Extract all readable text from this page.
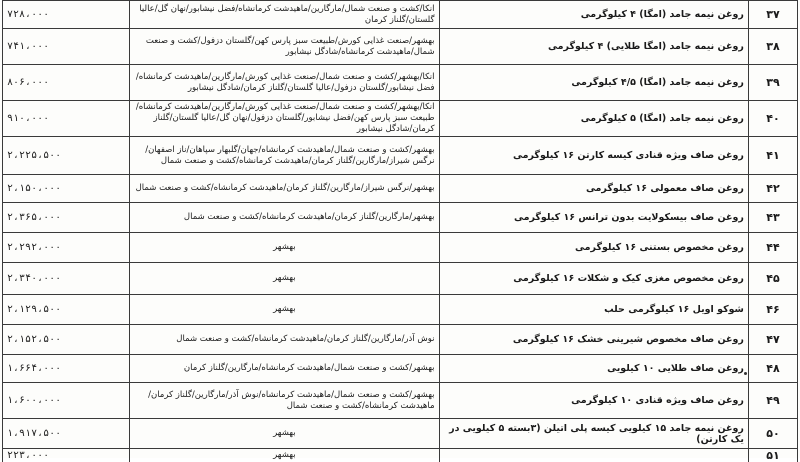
۷۲۸،۰۰۰	انکا/کشت و صنعت شمال/مارگارین/ماهیدشت کرمانشاه/فضل نیشابور/نهان گل/عالیا گلستان/گلناز کرمان	روغن نیمه جامد (امگا) ۴ کیلوگرمی	۳۷
۷۴۱،۰۰۰	بهشهر/صنعت غذایی کورش/طبیعت سبز پارس کهن/گلستان دزفول/کشت و صنعت شمال/ماهیدشت کرمانشاه/شادگل نیشابور	روغن نیمه جامد (امگا طلایی) ۴ کیلوگرمی	۳۸
۸۰۶،۰۰۰	انکا/بهشهر/کشت و صنعت شمال/صنعت غذایی کورش/مارگارین/ماهیدشت کرمانشاه/فضل نیشابور/گلستان دزفول/عالیا گلستان/گلناز کرمان/شادگل نیشابور	روغن نیمه جامد (امگا) ۴/۵ کیلوگرمی	۳۹
۹۱۰،۰۰۰	انکا/بهشهر/کشت و صنعت شمال/صنعت غذایی کورش/مارگارین/ماهیدشت کرمانشاه/طبیعت سبز پارس کهن/فضل نیشابور/گلستان دزفول/نهان گل/عالیا گلستان/گلناز کرمان/شادگل نیشابور	روغن نیمه جامد (امگا) ۵ کیلوگرمی	۴۰
۲،۲۲۵،۵۰۰	بهشهر/کشت و صنعت شمال/ماهیدشت کرمانشاه/جهان/گلبهار سپاهان/ناز اصفهان/نرگس شیراز/مارگارین/گلناز کرمان/ماهیدشت کرمانشاه/کشت و صنعت شمال	روغن صاف ویژه قنادی کیسه کارتن ۱۶ کیلوگرمی	۴۱
۲،۱۵۰،۰۰۰	بهشهر/نرگس شیراز/مارگارین/گلناز کرمان/ماهیدشت کرمانشاه/کشت و صنعت شمال	روغن صاف معمولی ۱۶ کیلوگرمی	۴۲
۲،۳۶۵،۰۰۰	بهشهر/مارگارین/گلناز کرمان/ماهیدشت کرمانشاه/کشت و صنعت شمال	روغن صاف بیسکولایت بدون ترانس ۱۶ کیلوگرمی	۴۳
۲،۲۹۲،۰۰۰	بهشهر	روغن مخصوص بستنی ۱۶ کیلوگرمی	۴۴
۲،۳۴۰،۰۰۰	بهشهر	روغن مخصوص مغزی کیک و شکلات ۱۶ کیلوگرمی	۴۵
۲،۱۲۹،۵۰۰	بهشهر	شوکو اویل ۱۶ کیلوگرمی حلب	۴۶
۲،۱۵۲،۵۰۰	نوش آذر/مارگارین/گلناز کرمان/ماهیدشت کرمانشاه/کشت و صنعت شمال	روغن صاف مخصوص شیرینی خشک ۱۶ کیلوگرمی	۴۷
۱،۶۶۴،۰۰۰	بهشهر/کشت و صنعت شمال/ماهیدشت کرمانشاه/مارگارین/گلناز کرمان	روغن صاف طلایی ۱۰ کیلویی	۴۸
۱،۶۰۰،۰۰۰	بهشهر/کشت و صنعت شمال/ماهیدشت کرمانشاه/نوش آذر/مارگارین/گلناز کرمان/ماهیدشت کرمانشاه/کشت و صنعت شمال	روغن صاف ویژه قنادی ۱۰ کیلوگرمی	۴۹
۱،۹۱۷،۵۰۰	بهشهر	روغن نیمه جامد ۱۵ کیلویی کیسه پلی اتیلن (۳بسته ۵ کیلویی در یک کارتن)	۵۰
۲۲۳،۰۰۰	بهشهر		۵۱
